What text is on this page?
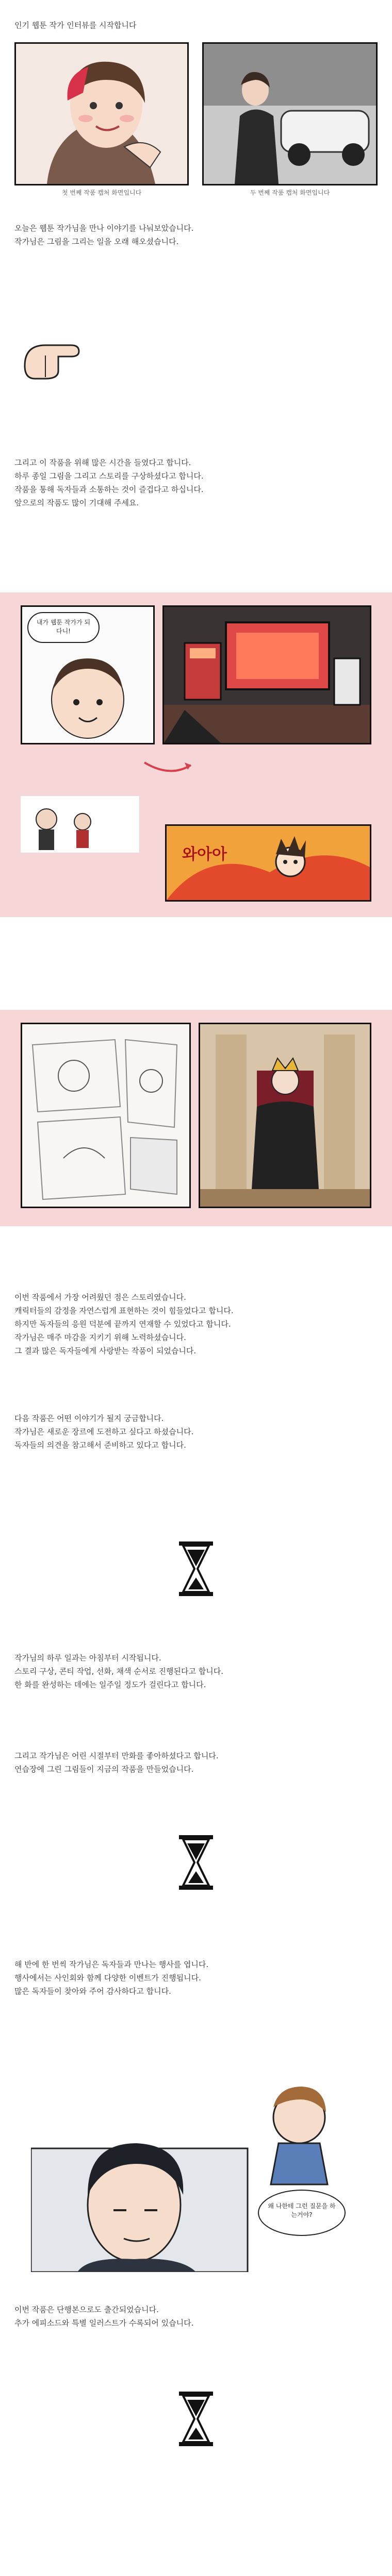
인기 웹툰 작가 인터뷰를 시작합니다

첫 번째 작품 캡처 화면입니다	두 번째 작품 캡처 화면입니다

오늘은 웹툰 작가님을 만나 이야기를 나눠보았습니다.
작가님은 그림을 그리는 일을 오래 해오셨습니다.

그리고 이 작품을 위해 많은 시간을 들였다고 합니다.
하루 종일 그림을 그리고 스토리를 구상하셨다고 합니다.
작품을 통해 독자들과 소통하는 것이 즐겁다고 하십니다.
앞으로의 작품도 많이 기대해 주세요.

내가 웹툰 작가가 되다니!
와아아

이번 작품에서 가장 어려웠던 점은 스토리였습니다.
캐릭터들의 감정을 자연스럽게 표현하는 것이 힘들었다고 합니다.
하지만 독자들의 응원 덕분에 끝까지 연재할 수 있었다고 합니다.
작가님은 매주 마감을 지키기 위해 노력하셨습니다.
그 결과 많은 독자들에게 사랑받는 작품이 되었습니다.

다음 작품은 어떤 이야기가 될지 궁금합니다.
작가님은 새로운 장르에 도전하고 싶다고 하셨습니다.
독자들의 의견을 참고해서 준비하고 있다고 합니다.

작가님의 하루 일과는 아침부터 시작됩니다.
스토리 구상, 콘티 작업, 선화, 채색 순서로 진행된다고 합니다.
한 화를 완성하는 데에는 일주일 정도가 걸린다고 합니다.

그리고 작가님은 어린 시절부터 만화를 좋아하셨다고 합니다.
연습장에 그린 그림들이 지금의 작품을 만들었습니다.

해 반에 한 번씩 작가님은 독자들과 만나는 행사를 엽니다.
행사에서는 사인회와 함께 다양한 이벤트가 진행됩니다.
많은 독자들이 찾아와 주어 감사하다고 합니다.

왜 나한테 그런 질문을 하는거야?

이번 작품은 단행본으로도 출간되었습니다.
추가 에피소드와 특별 일러스트가 수록되어 있습니다.
